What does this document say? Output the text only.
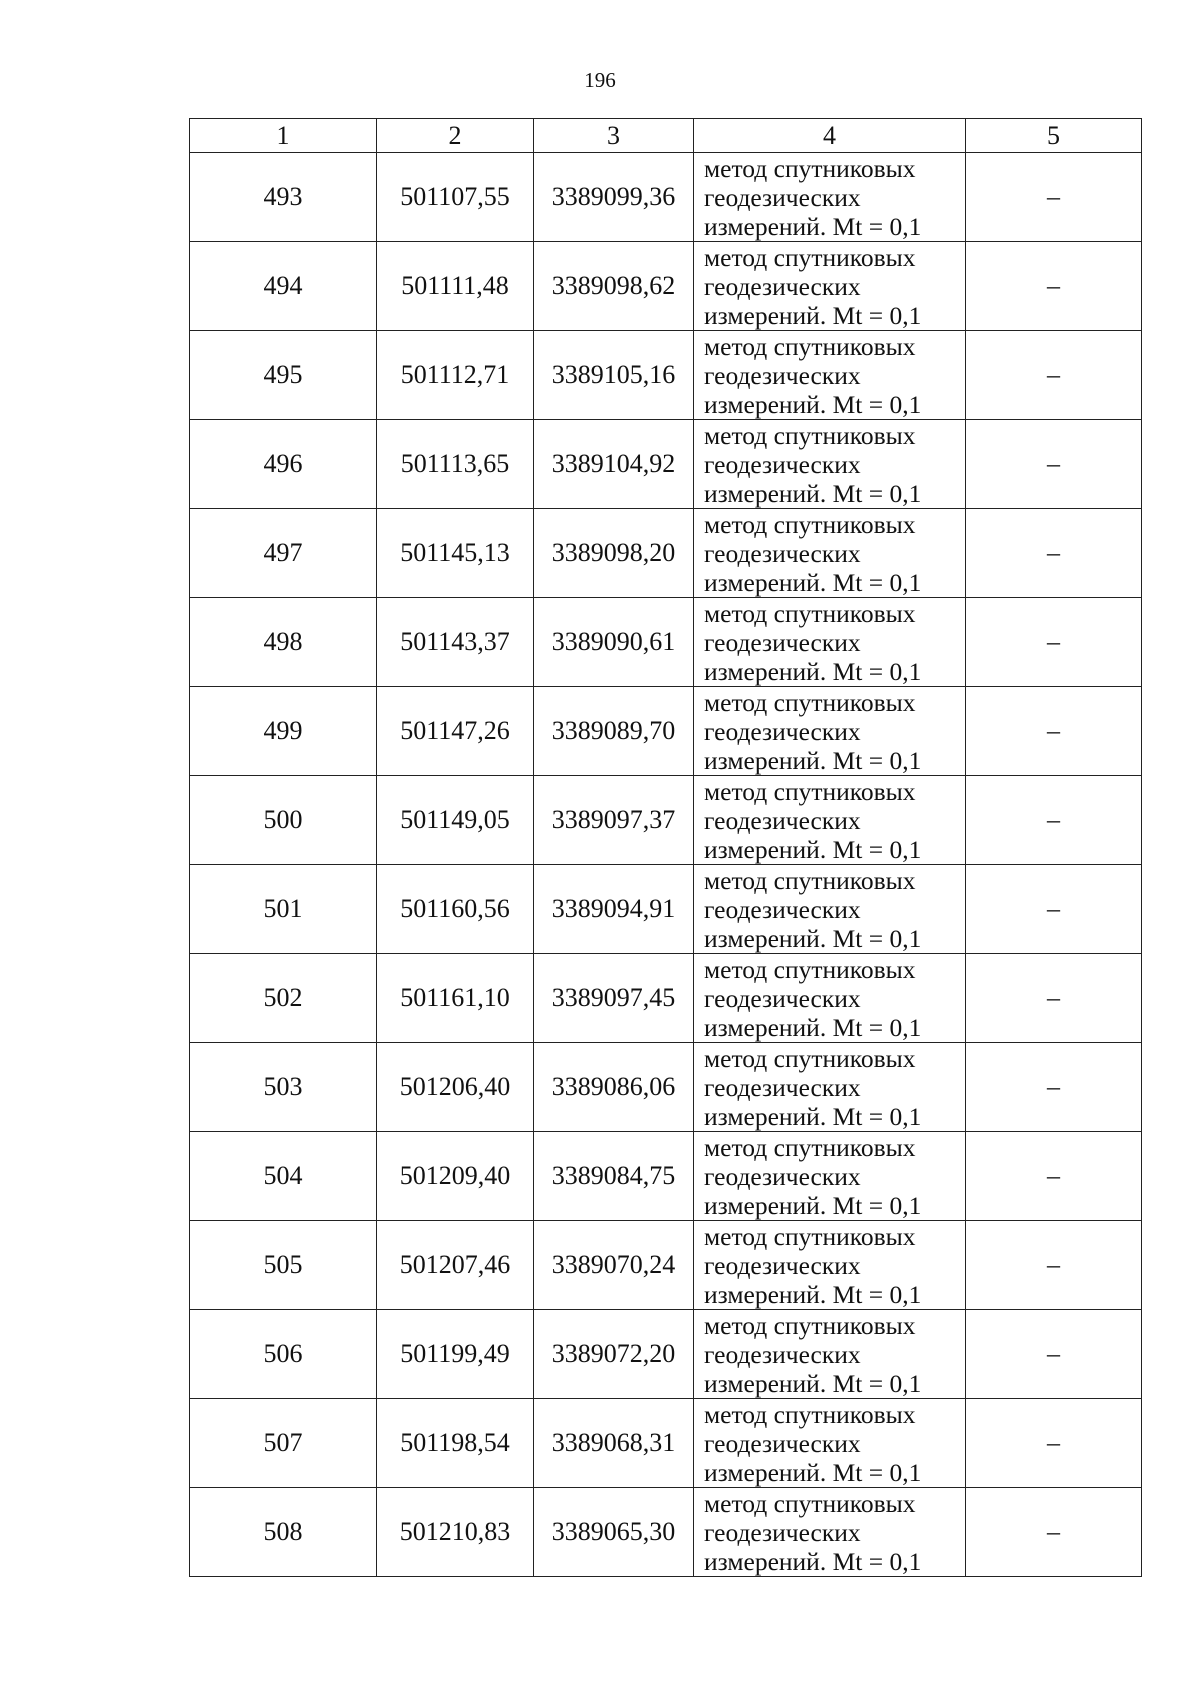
196
1	2	3	4	5
493	501107,55	3389099,36	метод спутниковых
геодезических
измерений. Mt = 0,1	–
494	501111,48	3389098,62	метод спутниковых
геодезических
измерений. Mt = 0,1	–
495	501112,71	3389105,16	метод спутниковых
геодезических
измерений. Mt = 0,1	–
496	501113,65	3389104,92	метод спутниковых
геодезических
измерений. Mt = 0,1	–
497	501145,13	3389098,20	метод спутниковых
геодезических
измерений. Mt = 0,1	–
498	501143,37	3389090,61	метод спутниковых
геодезических
измерений. Mt = 0,1	–
499	501147,26	3389089,70	метод спутниковых
геодезических
измерений. Mt = 0,1	–
500	501149,05	3389097,37	метод спутниковых
геодезических
измерений. Mt = 0,1	–
501	501160,56	3389094,91	метод спутниковых
геодезических
измерений. Mt = 0,1	–
502	501161,10	3389097,45	метод спутниковых
геодезических
измерений. Mt = 0,1	–
503	501206,40	3389086,06	метод спутниковых
геодезических
измерений. Mt = 0,1	–
504	501209,40	3389084,75	метод спутниковых
геодезических
измерений. Mt = 0,1	–
505	501207,46	3389070,24	метод спутниковых
геодезических
измерений. Mt = 0,1	–
506	501199,49	3389072,20	метод спутниковых
геодезических
измерений. Mt = 0,1	–
507	501198,54	3389068,31	метод спутниковых
геодезических
измерений. Mt = 0,1	–
508	501210,83	3389065,30	метод спутниковых
геодезических
измерений. Mt = 0,1	–
